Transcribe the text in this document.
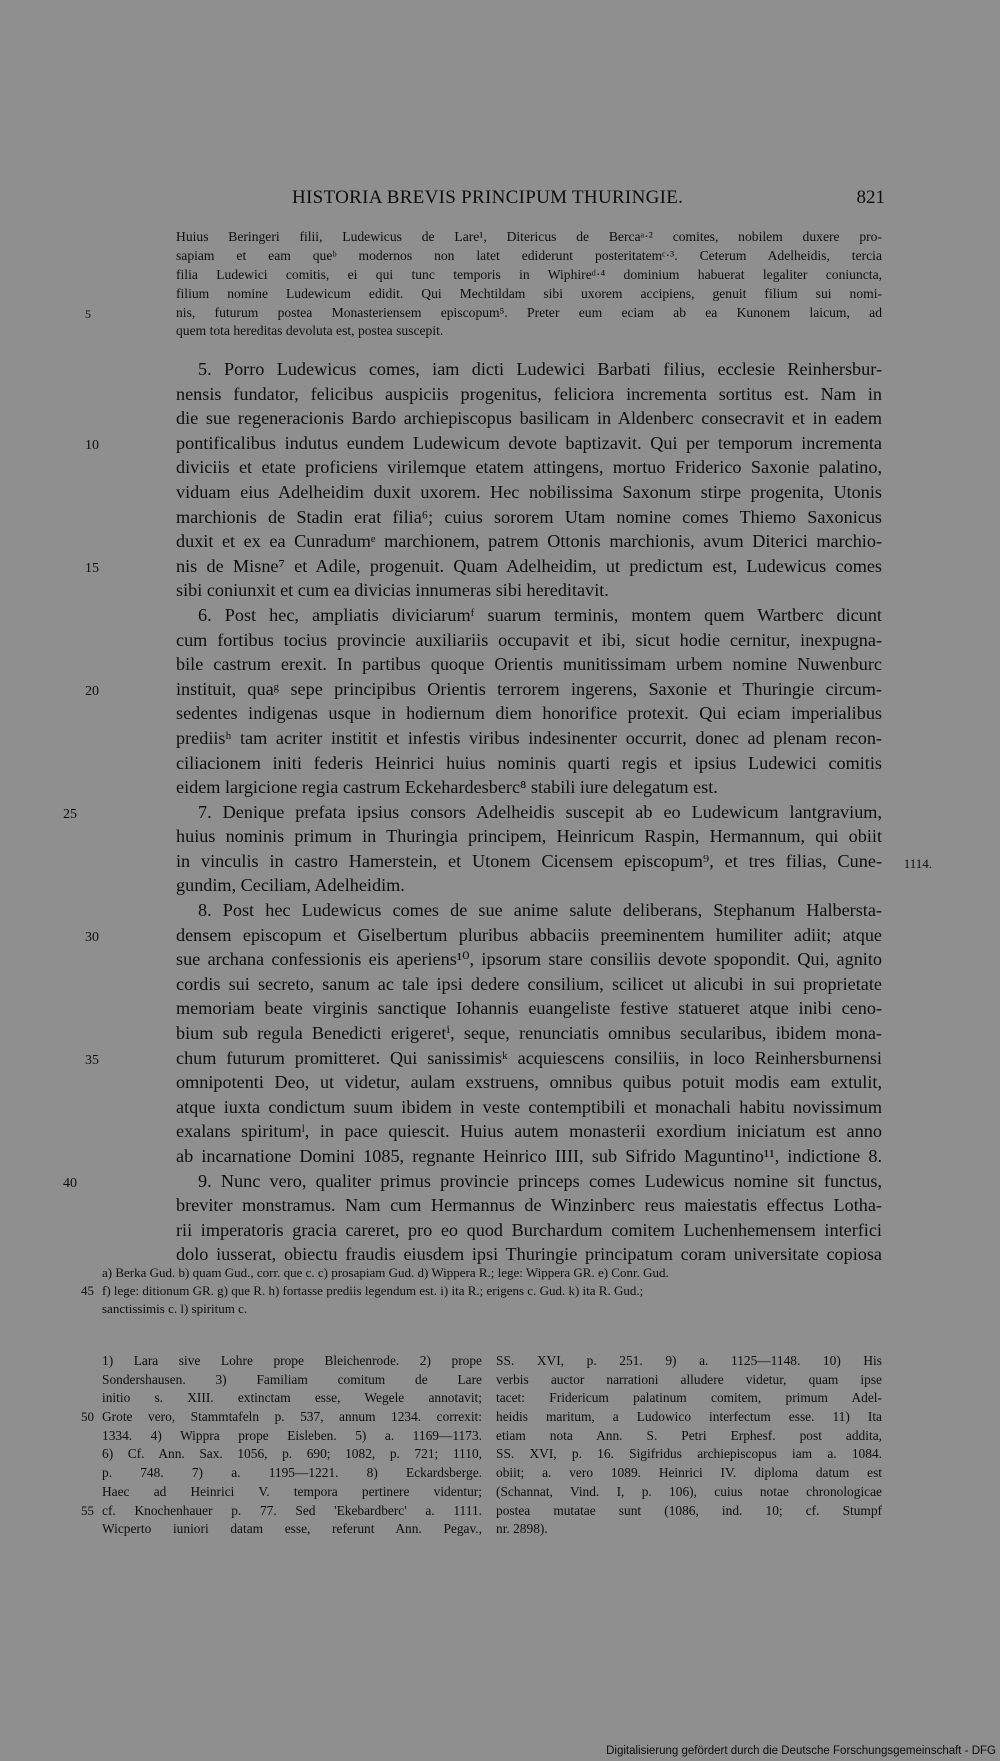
HISTORIA BREVIS PRINCIPUM THURINGIE.	821
Huius Beringeri filii, Ludewicus de Lare¹, Ditericus de Bercaᵃ·² comites, nobilem duxere pro-
sapiam et eam queᵇ modernos non latet ediderunt posteritatemᶜ·³. Ceterum Adelheidis, tercia
filia Ludewici comitis, ei qui tunc temporis in Wiphireᵈ·⁴ dominium habuerat legaliter coniuncta,
filium nomine Ludewicum edidit. Qui Mechtildam sibi uxorem accipiens, genuit filium sui nomi-
5	nis, futurum postea Monasteriensem episcopum⁵. Preter eum eciam ab ea Kunonem laicum, ad
quem tota hereditas devoluta est, postea suscepit.
5. Porro Ludewicus comes, iam dicti Ludewici Barbati filius, ecclesie Reinhersbur-
nensis fundator, felicibus auspiciis progenitus, feliciora incrementa sortitus est. Nam in
die sue regeneracionis Bardo archiepiscopus basilicam in Aldenberc consecravit et in eadem
10	pontificalibus indutus eundem Ludewicum devote baptizavit. Qui per temporum incrementa
diviciis et etate proficiens virilemque etatem attingens, mortuo Friderico Saxonie palatino,
viduam eius Adelheidim duxit uxorem. Hec nobilissima Saxonum stirpe progenita, Utonis
marchionis de Stadin erat filia⁶; cuius sororem Utam nomine comes Thiemo Saxonicus
duxit et ex ea Cunradumᵉ marchionem, patrem Ottonis marchionis, avum Diterici marchio-
15	nis de Misne⁷ et Adile, progenuit. Quam Adelheidim, ut predictum est, Ludewicus comes
sibi coniunxit et cum ea divicias innumeras sibi hereditavit.
6. Post hec, ampliatis diviciarumᶠ suarum terminis, montem quem Wartberc dicunt
cum fortibus tocius provincie auxiliariis occupavit et ibi, sicut hodie cernitur, inexpugna-
bile castrum erexit. In partibus quoque Orientis munitissimam urbem nomine Nuwenburc
20	instituit, quaᵍ sepe principibus Orientis terrorem ingerens, Saxonie et Thuringie circum-
sedentes indigenas usque in hodiernum diem honorifice protexit. Qui eciam imperialibus
prediisʰ tam acriter institit et infestis viribus indesinenter occurrit, donec ad plenam recon-
ciliacionem initi federis Heinrici huius nominis quarti regis et ipsius Ludewici comitis
eidem largicione regia castrum Eckehardesberc⁸ stabili iure delegatum est.
25	7. Denique prefata ipsius consors Adelheidis suscepit ab eo Ludewicum lantgravium,
huius nominis primum in Thuringia principem, Heinricum Raspin, Hermannum, qui obiit
in vinculis in castro Hamerstein, et Utonem Cicensem episcopum⁹, et tres filias, Cune- 1114.
gundim, Ceciliam, Adelheidim.
8. Post hec Ludewicus comes de sue anime salute deliberans, Stephanum Halbersta-
30	densem episcopum et Giselbertum pluribus abbaciis preeminentem humiliter adiit; atque
sue archana confessionis eis aperiens¹⁰, ipsorum stare consiliis devote spopondit. Qui, agnito
cordis sui secreto, sanum ac tale ipsi dedere consilium, scilicet ut alicubi in sui proprietate
memoriam beate virginis sanctique Iohannis euangeliste festive statueret atque inibi ceno-
bium sub regula Benedicti erigeretⁱ, seque, renunciatis omnibus secularibus, ibidem mona-
35	chum futurum promitteret. Qui sanissimisᵏ acquiescens consiliis, in loco Reinhersburnensi
omnipotenti Deo, ut videtur, aulam exstruens, omnibus quibus potuit modis eam extulit,
atque iuxta condictum suum ibidem in veste contemptibili et monachali habitu novissimum
exalans spiritumˡ, in pace quiescit. Huius autem monasterii exordium iniciatum est anno
ab incarnatione Domini 1085, regnante Heinrico IIII, sub Sifrido Maguntino¹¹, indictione 8.
40	9. Nunc vero, qualiter primus provincie princeps comes Ludewicus nomine sit functus,
breviter monstramus. Nam cum Hermannus de Winzinberc reus maiestatis effectus Lotha-
rii imperatoris gracia careret, pro eo quod Burchardum comitem Luchenhemensem interfici
dolo iusserat, obiectu fraudis eiusdem ipsi Thuringie principatum coram universitate copiosa
a) Berka Gud. b) quam Gud., corr. que c. c) prosapiam Gud. d) Wippera R.; lege: Wippera GR. e) Conr. Gud.
45 f) lege: ditionum GR. g) que R. h) fortasse prediis legendum est. i) ita R.; erigens c. Gud. k) ita R. Gud.;
sanctissimis c. l) spiritum c.
1) Lara sive Lohre prope Bleichenrode. 2) prope
Sondershausen. 3) Familiam comitum de Lare
initio s. XIII. extinctam esse, Wegele annotavit;
50 Grote vero, Stammtafeln p. 537, annum 1234. correxit:
1334. 4) Wippra prope Eisleben. 5) a. 1169—1173.
6) Cf. Ann. Sax. 1056, p. 690; 1082, p. 721; 1110,
p. 748. 7) a. 1195—1221. 8) Eckardsberge.
Haec ad Heinrici V. tempora pertinere videntur;
55 cf. Knochenhauer p. 77. Sed 'Ekebardberc' a. 1111.
Wicperto iuniori datam esse, referunt Ann. Pegav.,
SS. XVI, p. 251. 9) a. 1125—1148. 10) His
verbis auctor narrationi alludere videtur, quam ipse
tacet: Fridericum palatinum comitem, primum Adel-
heidis maritum, a Ludowico interfectum esse. 11) Ita
etiam nota Ann. S. Petri Erphesf. post addita,
SS. XVI, p. 16. Sigifridus archiepiscopus iam a. 1084.
obiit; a. vero 1089. Heinrici IV. diploma datum est
(Schannat, Vind. I, p. 106), cuius notae chronologicae
postea mutatae sunt (1086, ind. 10; cf. Stumpf
nr. 2898).
Digitalisierung gefördert durch die Deutsche Forschungsgemeinschaft - DFG
